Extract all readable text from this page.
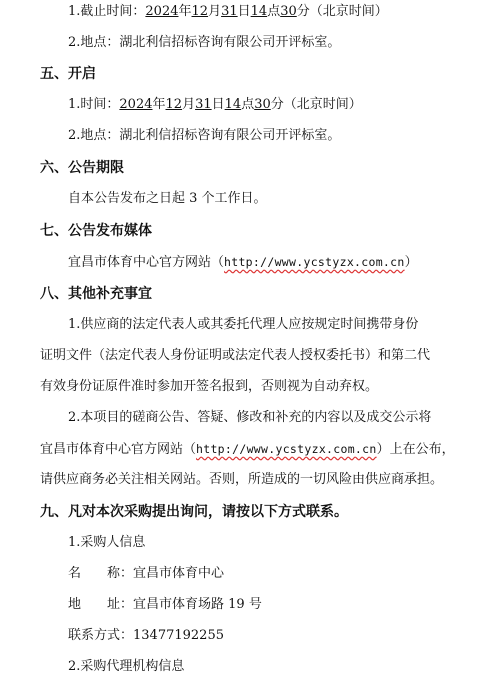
1.截止时间：2024年12月31日14点30分（北京时间）
2.地点：湖北利信招标咨询有限公司开评标室。
五、开启
1.时间：2024年12月31日14点30分（北京时间）
2.地点：湖北利信招标咨询有限公司开评标室。
六、公告期限
自本公告发布之日起 3 个工作日。
七、公告发布媒体
宜昌市体育中心官方网站（http://www.ycstyzx.com.cn）
八、其他补充事宜
1.供应商的法定代表人或其委托代理人应按规定时间携带身份
证明文件（法定代表人身份证明或法定代表人授权委托书）和第二代
有效身份证原件准时参加开签名报到，否则视为自动弃权。
2.本项目的磋商公告、答疑、修改和补充的内容以及成交公示将
宜昌市体育中心官方网站（http://www.ycstyzx.com.cn）上在公布，
请供应商务必关注相关网站。否则，所造成的一切风险由供应商承担。
九、凡对本次采购提出询问，请按以下方式联系。
1.采购人信息
名　　称：宜昌市体育中心
地　　址：宜昌市体育场路 19 号
联系方式：13477192255
2.采购代理机构信息
